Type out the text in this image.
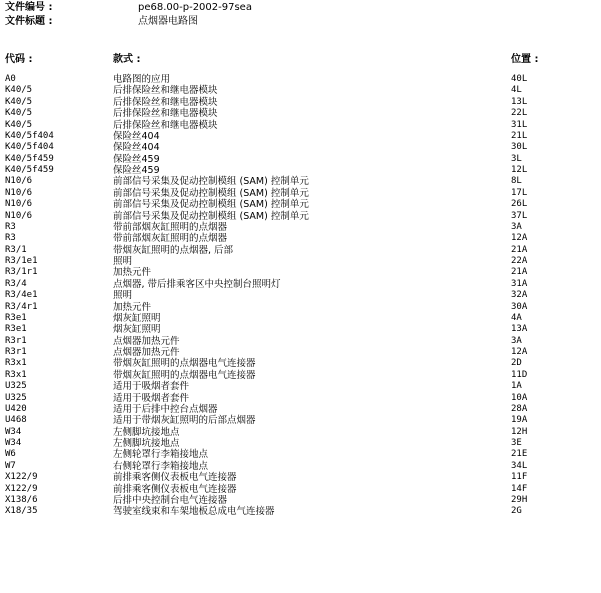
文件编号 :	pe68.00-p-2002-97sea
文件标题 :	点烟器电路图
代码 :	款式 :	位置 :
A0	电路图的应用	40L
K40/5	后排保险丝和继电器模块	4L
K40/5	后排保险丝和继电器模块	13L
K40/5	后排保险丝和继电器模块	22L
K40/5	后排保险丝和继电器模块	31L
K40/5f404	保险丝404	21L
K40/5f404	保险丝404	30L
K40/5f459	保险丝459	3L
K40/5f459	保险丝459	12L
N10/6	前部信号采集及促动控制模组 (SAM) 控制单元	8L
N10/6	前部信号采集及促动控制模组 (SAM) 控制单元	17L
N10/6	前部信号采集及促动控制模组 (SAM) 控制单元	26L
N10/6	前部信号采集及促动控制模组 (SAM) 控制单元	37L
R3	带前部烟灰缸照明的点烟器	3A
R3	带前部烟灰缸照明的点烟器	12A
R3/1	带烟灰缸照明的点烟器, 后部	21A
R3/1e1	照明	22A
R3/1r1	加热元件	21A
R3/4	点烟器, 带后排乘客区中央控制台照明灯	31A
R3/4e1	照明	32A
R3/4r1	加热元件	30A
R3e1	烟灰缸照明	4A
R3e1	烟灰缸照明	13A
R3r1	点烟器加热元件	3A
R3r1	点烟器加热元件	12A
R3x1	带烟灰缸照明的点烟器电气连接器	2D
R3x1	带烟灰缸照明的点烟器电气连接器	11D
U325	适用于吸烟者套件	1A
U325	适用于吸烟者套件	10A
U420	适用于后排中控台点烟器	28A
U468	适用于带烟灰缸照明的后部点烟器	19A
W34	左侧脚坑接地点	12H
W34	左侧脚坑接地点	3E
W6	左侧轮罩行李箱接地点	21E
W7	右侧轮罩行李箱接地点	34L
X122/9	前排乘客侧仪表板电气连接器	11F
X122/9	前排乘客侧仪表板电气连接器	14F
X138/6	后排中央控制台电气连接器	29H
X18/35	驾驶室线束和车架地板总成电气连接器	2G
